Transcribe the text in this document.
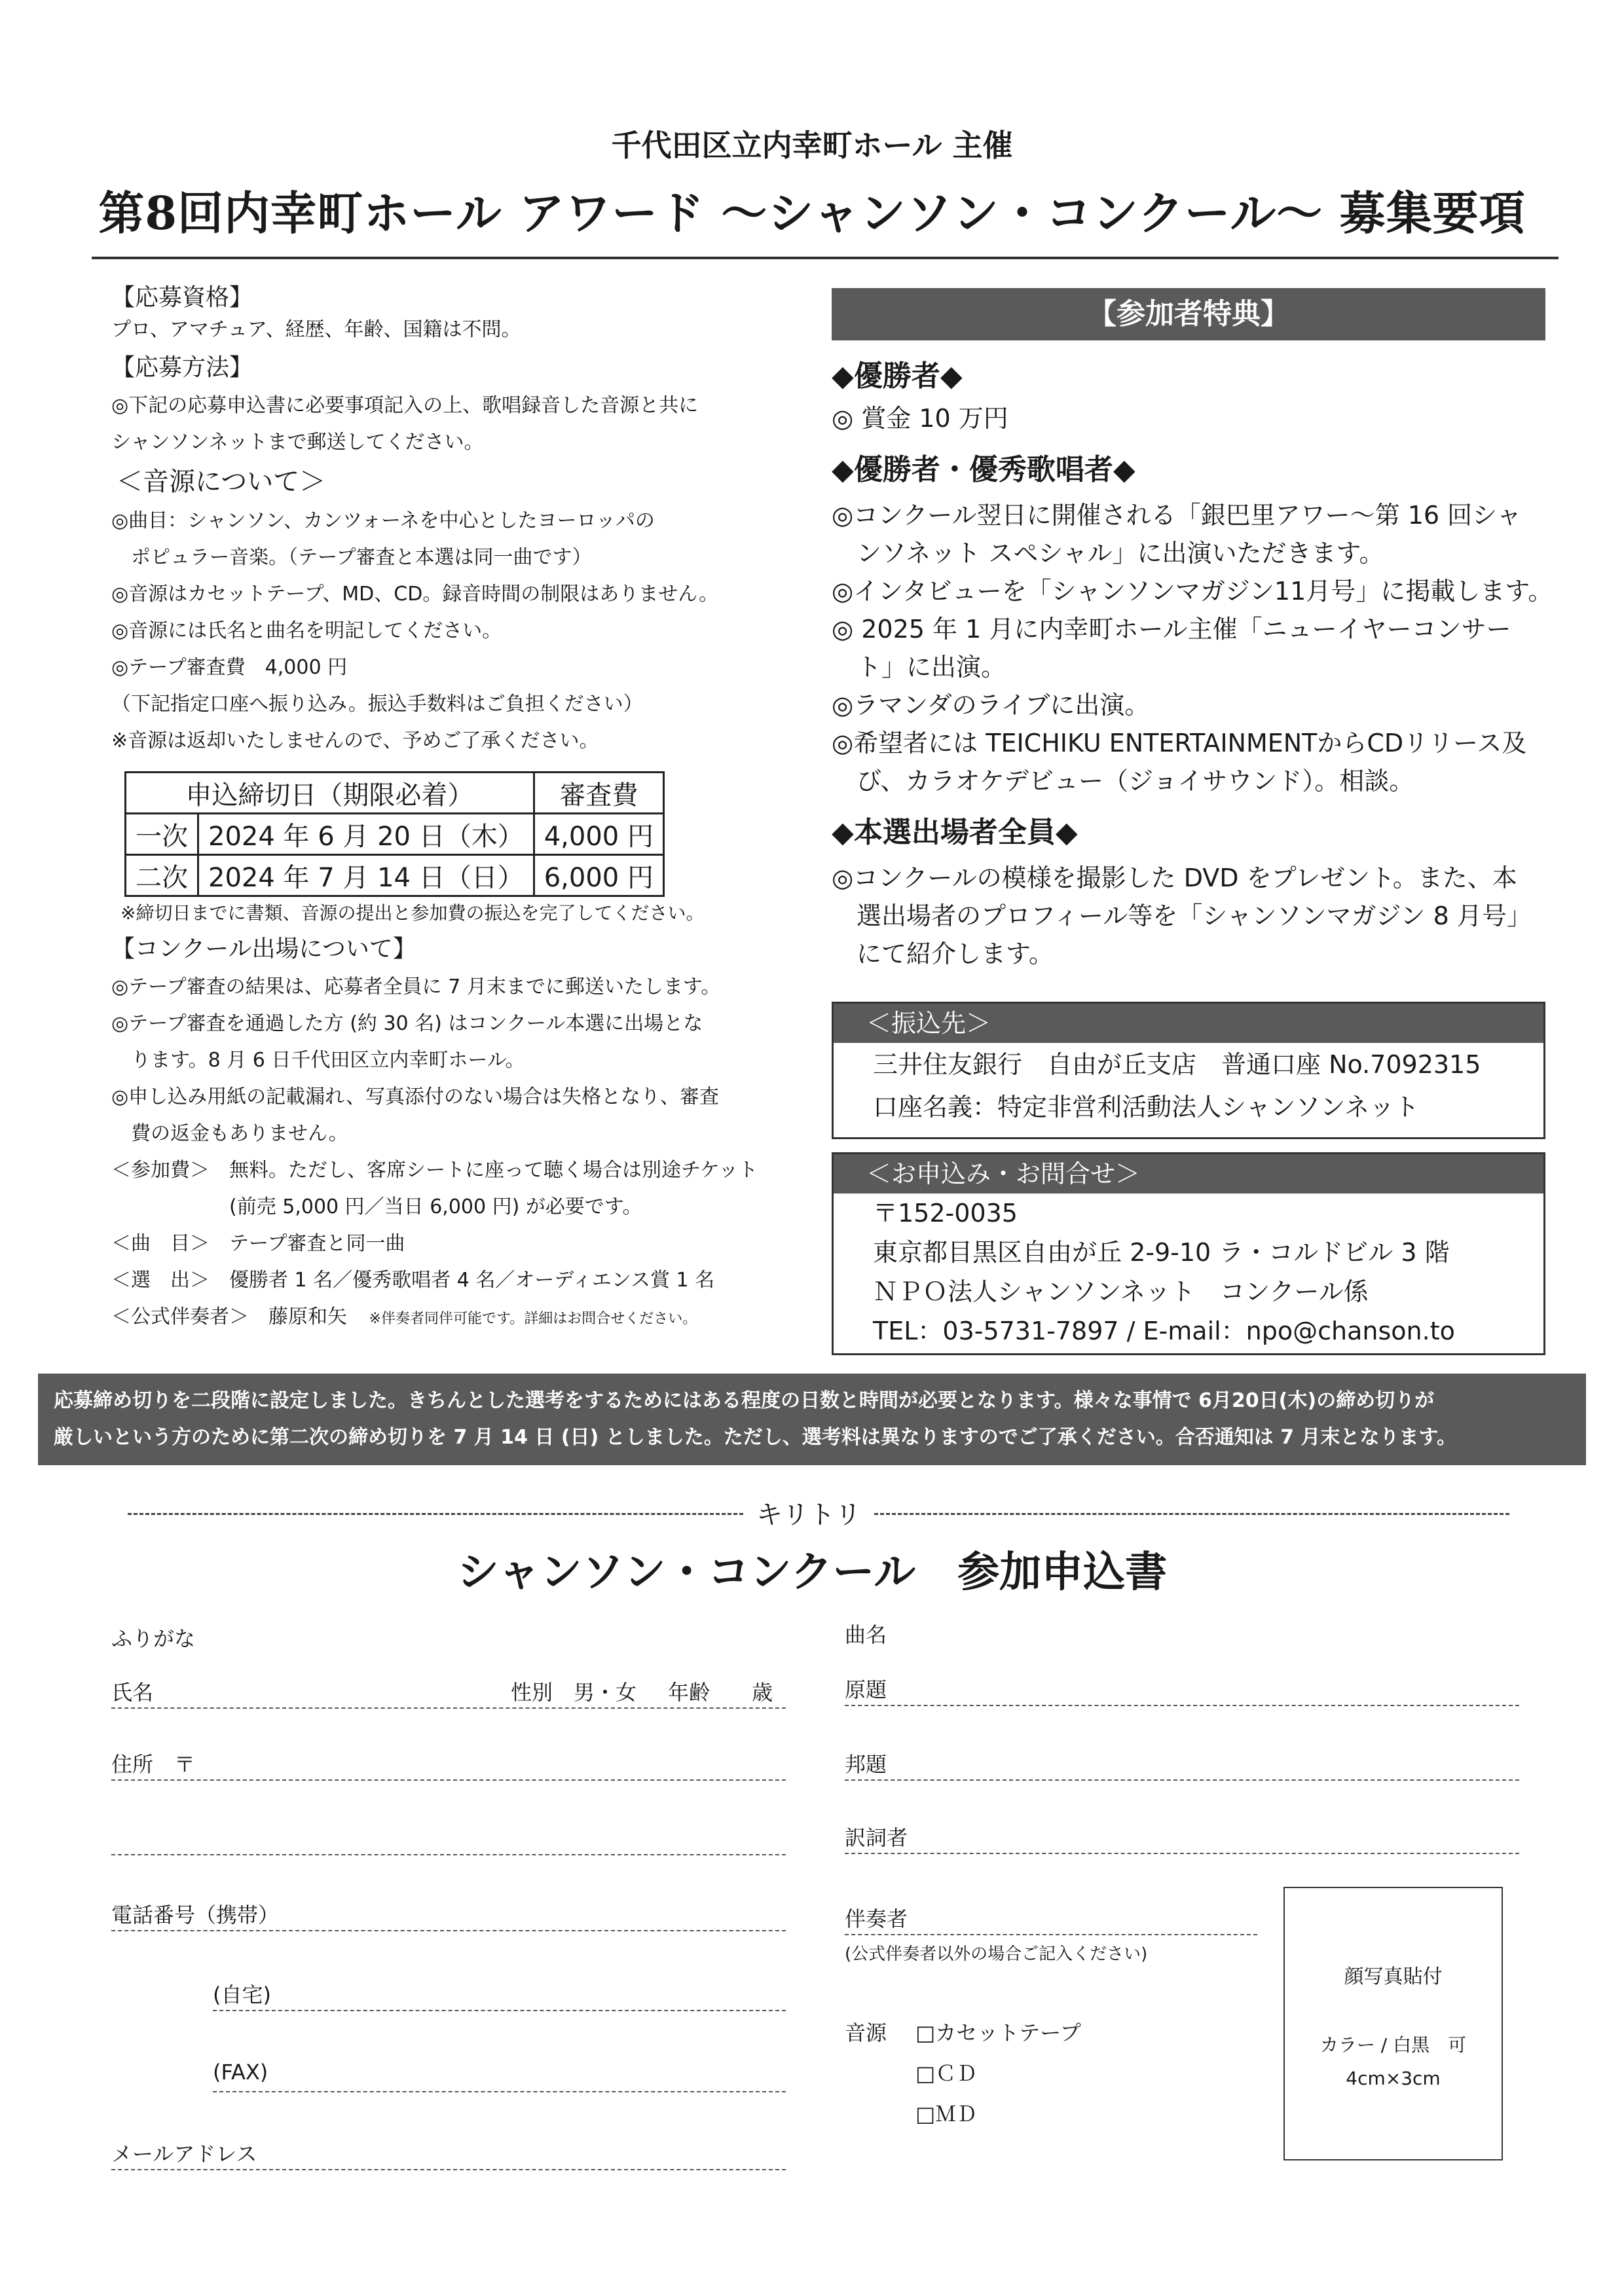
千代田区立内幸町ホール 主催
第8回内幸町ホール アワード 〜シャンソン・コンクール〜 募集要項
【応募資格】
プロ、アマチュア、経歴、年齢、国籍は不問。
【応募方法】
◎下記の応募申込書に必要事項記入の上、歌唱録音した音源と共に
シャンソンネットまで郵送してください。
＜音源について＞
◎曲目：シャンソン、カンツォーネを中心としたヨーロッパの
　ポピュラー音楽。（テープ審査と本選は同一曲です）
◎音源はカセットテープ、MD、CD。録音時間の制限はありません。
◎音源には氏名と曲名を明記してください。
◎テープ審査費　4,000 円
（下記指定口座へ振り込み。振込手数料はご負担ください）
※音源は返却いたしませんので、予めご了承ください。
申込締切日（期限必着）		審査費
一次	2024 年 6 月 20 日（木）	4,000 円
二次	2024 年 7 月 14 日（日）	6,000 円
※締切日までに書類、音源の提出と参加費の振込を完了してください。
【コンクール出場について】
◎テープ審査の結果は、応募者全員に 7 月末までに郵送いたします。
◎テープ審査を通過した方 (約 30 名) はコンクール本選に出場とな
　ります。8 月 6 日千代田区立内幸町ホール。
◎申し込み用紙の記載漏れ、写真添付のない場合は失格となり、審査
　費の返金もありません。
＜参加費＞　無料。ただし、客席シートに座って聴く場合は別途チケット
　　　　　　(前売 5,000 円／当日 6,000 円) が必要です。
＜曲　目＞　テープ審査と同一曲
＜選　出＞　優勝者 1 名／優秀歌唱者 4 名／オーディエンス賞 1 名
＜公式伴奏者＞　藤原和矢 ※伴奏者同伴可能です。詳細はお問合せください。
【参加者特典】
◆優勝者◆
◎ 賞金 10 万円
◆優勝者・優秀歌唱者◆
◎コンクール翌日に開催される「銀巴里アワー〜第 16 回シャ
　ンソネット スペシャル」に出演いただきます。
◎インタビューを「シャンソンマガジン11月号」に掲載します。
◎ 2025 年 1 月に内幸町ホール主催「ニューイヤーコンサー
　ト」に出演。
◎ラマンダのライブに出演。
◎希望者には TEICHIKU ENTERTAINMENTからCDリリース及
　び、カラオケデビュー（ジョイサウンド）。相談。
◆本選出場者全員◆
◎コンクールの模様を撮影した DVD をプレゼント。また、本
　選出場者のプロフィール等を「シャンソンマガジン 8 月号」
　にて紹介します。
＜振込先＞
三井住友銀行　自由が丘支店　普通口座 No.7092315
口座名義：特定非営利活動法人シャンソンネット
＜お申込み・お問合せ＞
〒152-0035
東京都目黒区自由が丘 2-9-10 ラ・コルドビル 3 階
ＮＰＯ法人シャンソンネット　コンクール係
TEL：03-5731-7897 / E-mail：npo@chanson.to
応募締め切りを二段階に設定しました。きちんとした選考をするためにはある程度の日数と時間が必要となります。様々な事情で 6月20日(木)の締め切りが
厳しいという方のために第二次の締め切りを 7 月 14 日 (日) としました。ただし、選考料は異なりますのでご了承ください。合否通知は 7 月末となります。
キリトリ
シャンソン・コンクール　参加申込書
ふりがな
氏名	性別　男・女 年齢　　歳
住所　〒
電話番号（携帯）
(自宅)
(FAX)
メールアドレス
曲名
原題
邦題
訳詞者
伴奏者
(公式伴奏者以外の場合ご記入ください)
音源 □カセットテープ
□ＣＤ
□ＭＤ
顔写真貼付
カラー / 白黒　可
4cm×3cm
